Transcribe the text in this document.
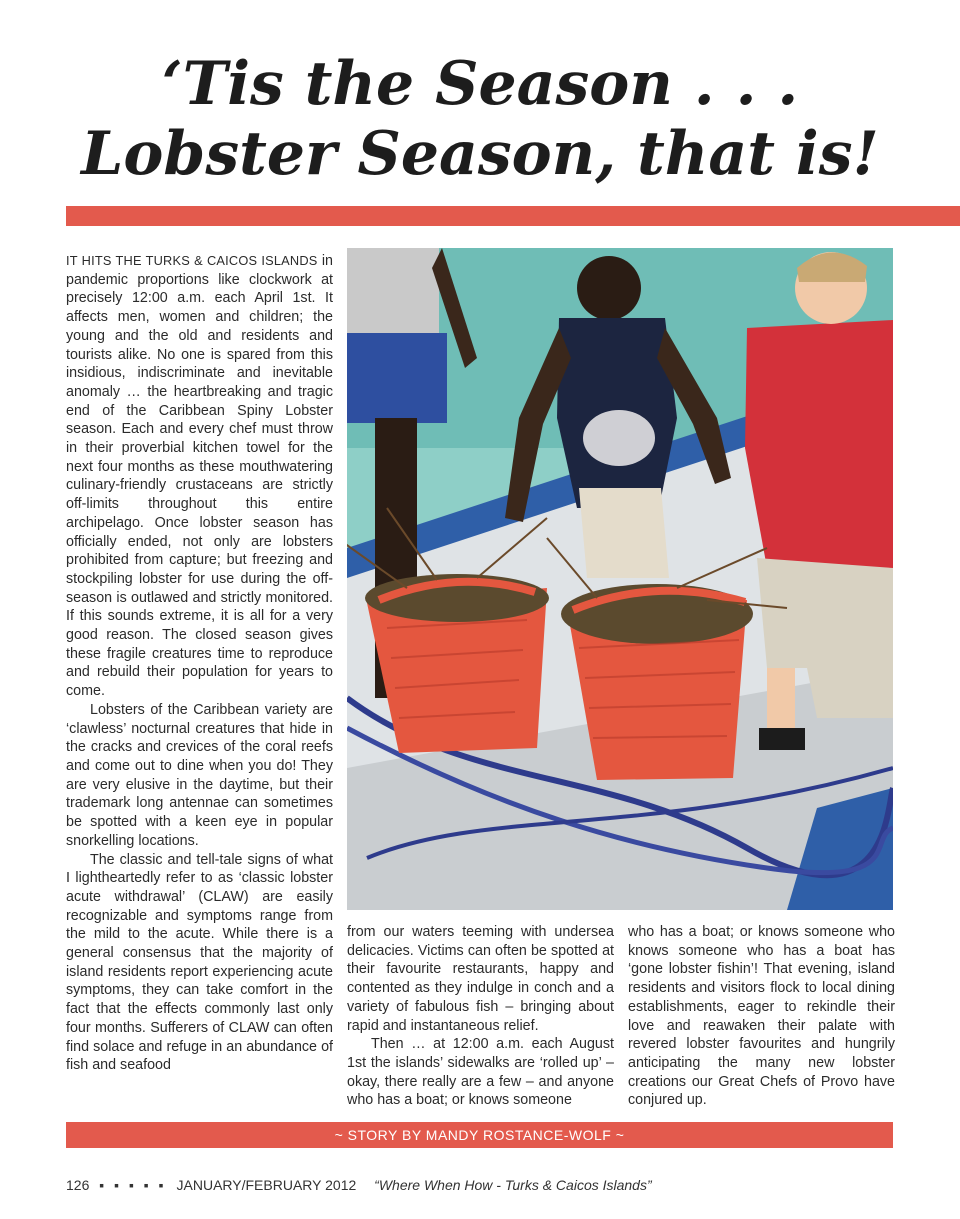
‘Tis the Season . . .
Lobster Season, that is!

IT HITS THE TURKS & CAICOS ISLANDS in pandemic proportions like clockwork at precisely 12:00 a.m. each April 1st. It affects men, women and children; the young and the old and residents and tourists alike. No one is spared from this insidious, indiscriminate and inevitable anomaly … the heartbreaking and tragic end of the Caribbean Spiny Lobster season. Each and every chef must throw in their proverbial kitchen towel for the next four months as these mouthwatering culinary-friendly crustaceans are strictly off-limits throughout this entire archipelago. Once lobster season has officially ended, not only are lobsters prohibited from capture; but freezing and stockpiling lobster for use during the off-season is outlawed and strictly monitored. If this sounds extreme, it is all for a very good reason. The closed season gives these fragile creatures time to reproduce and rebuild their population for years to come.

Lobsters of the Caribbean variety are ‘clawless’ nocturnal creatures that hide in the cracks and crevices of the coral reefs and come out to dine when you do! They are very elusive in the daytime, but their trademark long antennae can sometimes be spotted with a keen eye in popular snorkelling locations.

The classic and tell-tale signs of what I lightheartedly refer to as ‘classic lobster acute withdrawal’ (CLAW) are easily recognizable and symptoms range from the mild to the acute. While there is a general consensus that the majority of island residents report experiencing acute symptoms, they can take comfort in the fact that the effects commonly last only four months. Sufferers of CLAW can often find solace and refuge in an abundance of fish and seafood

from our waters teeming with undersea delicacies. Victims can often be spotted at their favourite restaurants, happy and contented as they indulge in conch and a variety of fabulous fish – bringing about rapid and instantaneous relief.

Then … at 12:00 a.m. each August 1st the islands’ sidewalks are ‘rolled up’ – okay, there really are a few – and anyone who has a boat; or knows someone

who has a boat; or knows someone who knows someone who has a boat has ‘gone lobster fishin’! That evening, island residents and visitors flock to local dining establishments, eager to rekindle their love and reawaken their palate with revered lobster favourites and hungrily anticipating the many new lobster creations our Great Chefs of Provo have conjured up.

~ STORY BY MANDY ROSTANCE-WOLF ~
126 ▪ ▪ ▪ ▪ ▪ JANUARY/FEBRUARY 2012 “Where When How - Turks & Caicos Islands”
